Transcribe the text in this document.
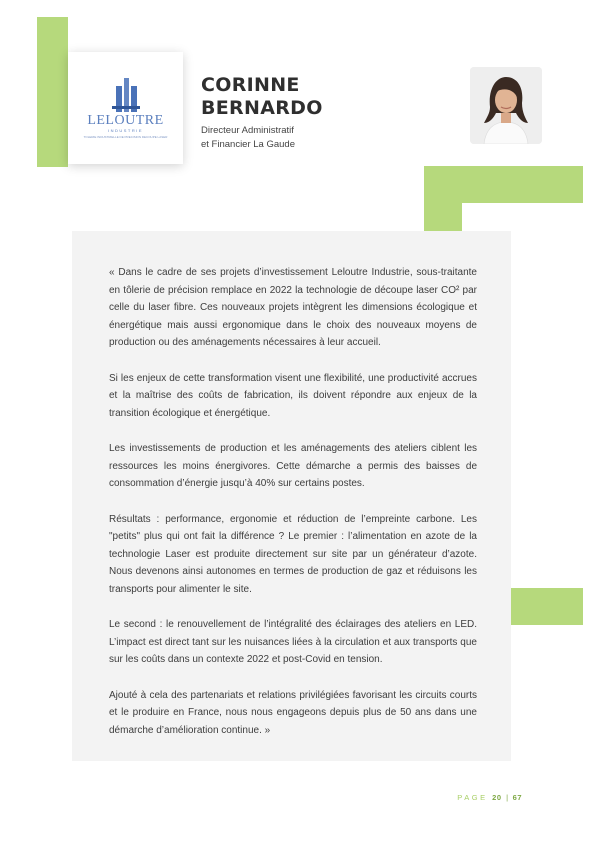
LELOUTRE
INDUSTRIE
TOLERIE INDUSTRIELLE DE PRECISION DECOUPE LASER
CORINNE
BERNARDO
Directeur Administratif
et Financier La Gaude

« Dans le cadre de ses projets d’investissement Leloutre Industrie, sous-traitante en tôlerie de précision remplace en 2022 la technologie de découpe laser CO² par celle du laser fibre. Ces nouveaux projets intègrent les dimensions écologique et énergétique mais aussi ergonomique dans le choix des nouveaux moyens de production ou des aménagements nécessaires à leur accueil.

Si les enjeux de cette transformation visent une flexibilité, une productivité accrues et la maîtrise des coûts de fabrication, ils doivent répondre aux enjeux de la transition écologique et énergétique.

Les investissements de production et les aménagements des ateliers ciblent les ressources les moins énergivores. Cette démarche a permis des baisses de consommation d’énergie jusqu’à 40% sur certains postes.

Résultats : performance, ergonomie et réduction de l’empreinte carbone. Les "petits" plus qui ont fait la différence ? Le premier : l’alimentation en azote de la technologie Laser est produite directement sur site par un générateur d’azote. Nous devenons ainsi autonomes en termes de production de gaz et réduisons les transports pour alimenter le site.

Le second : le renouvellement de l’intégralité des éclairages des ateliers en LED. L’impact est direct tant sur les nuisances liées à la circulation et aux transports que sur les coûts dans un contexte 2022 et post-Covid en tension.

Ajouté à cela des partenariats et relations privilégiées favorisant les circuits courts et le produire en France, nous nous engageons depuis plus de 50 ans dans une démarche d’amélioration continue. »

PAGE 20 | 67
